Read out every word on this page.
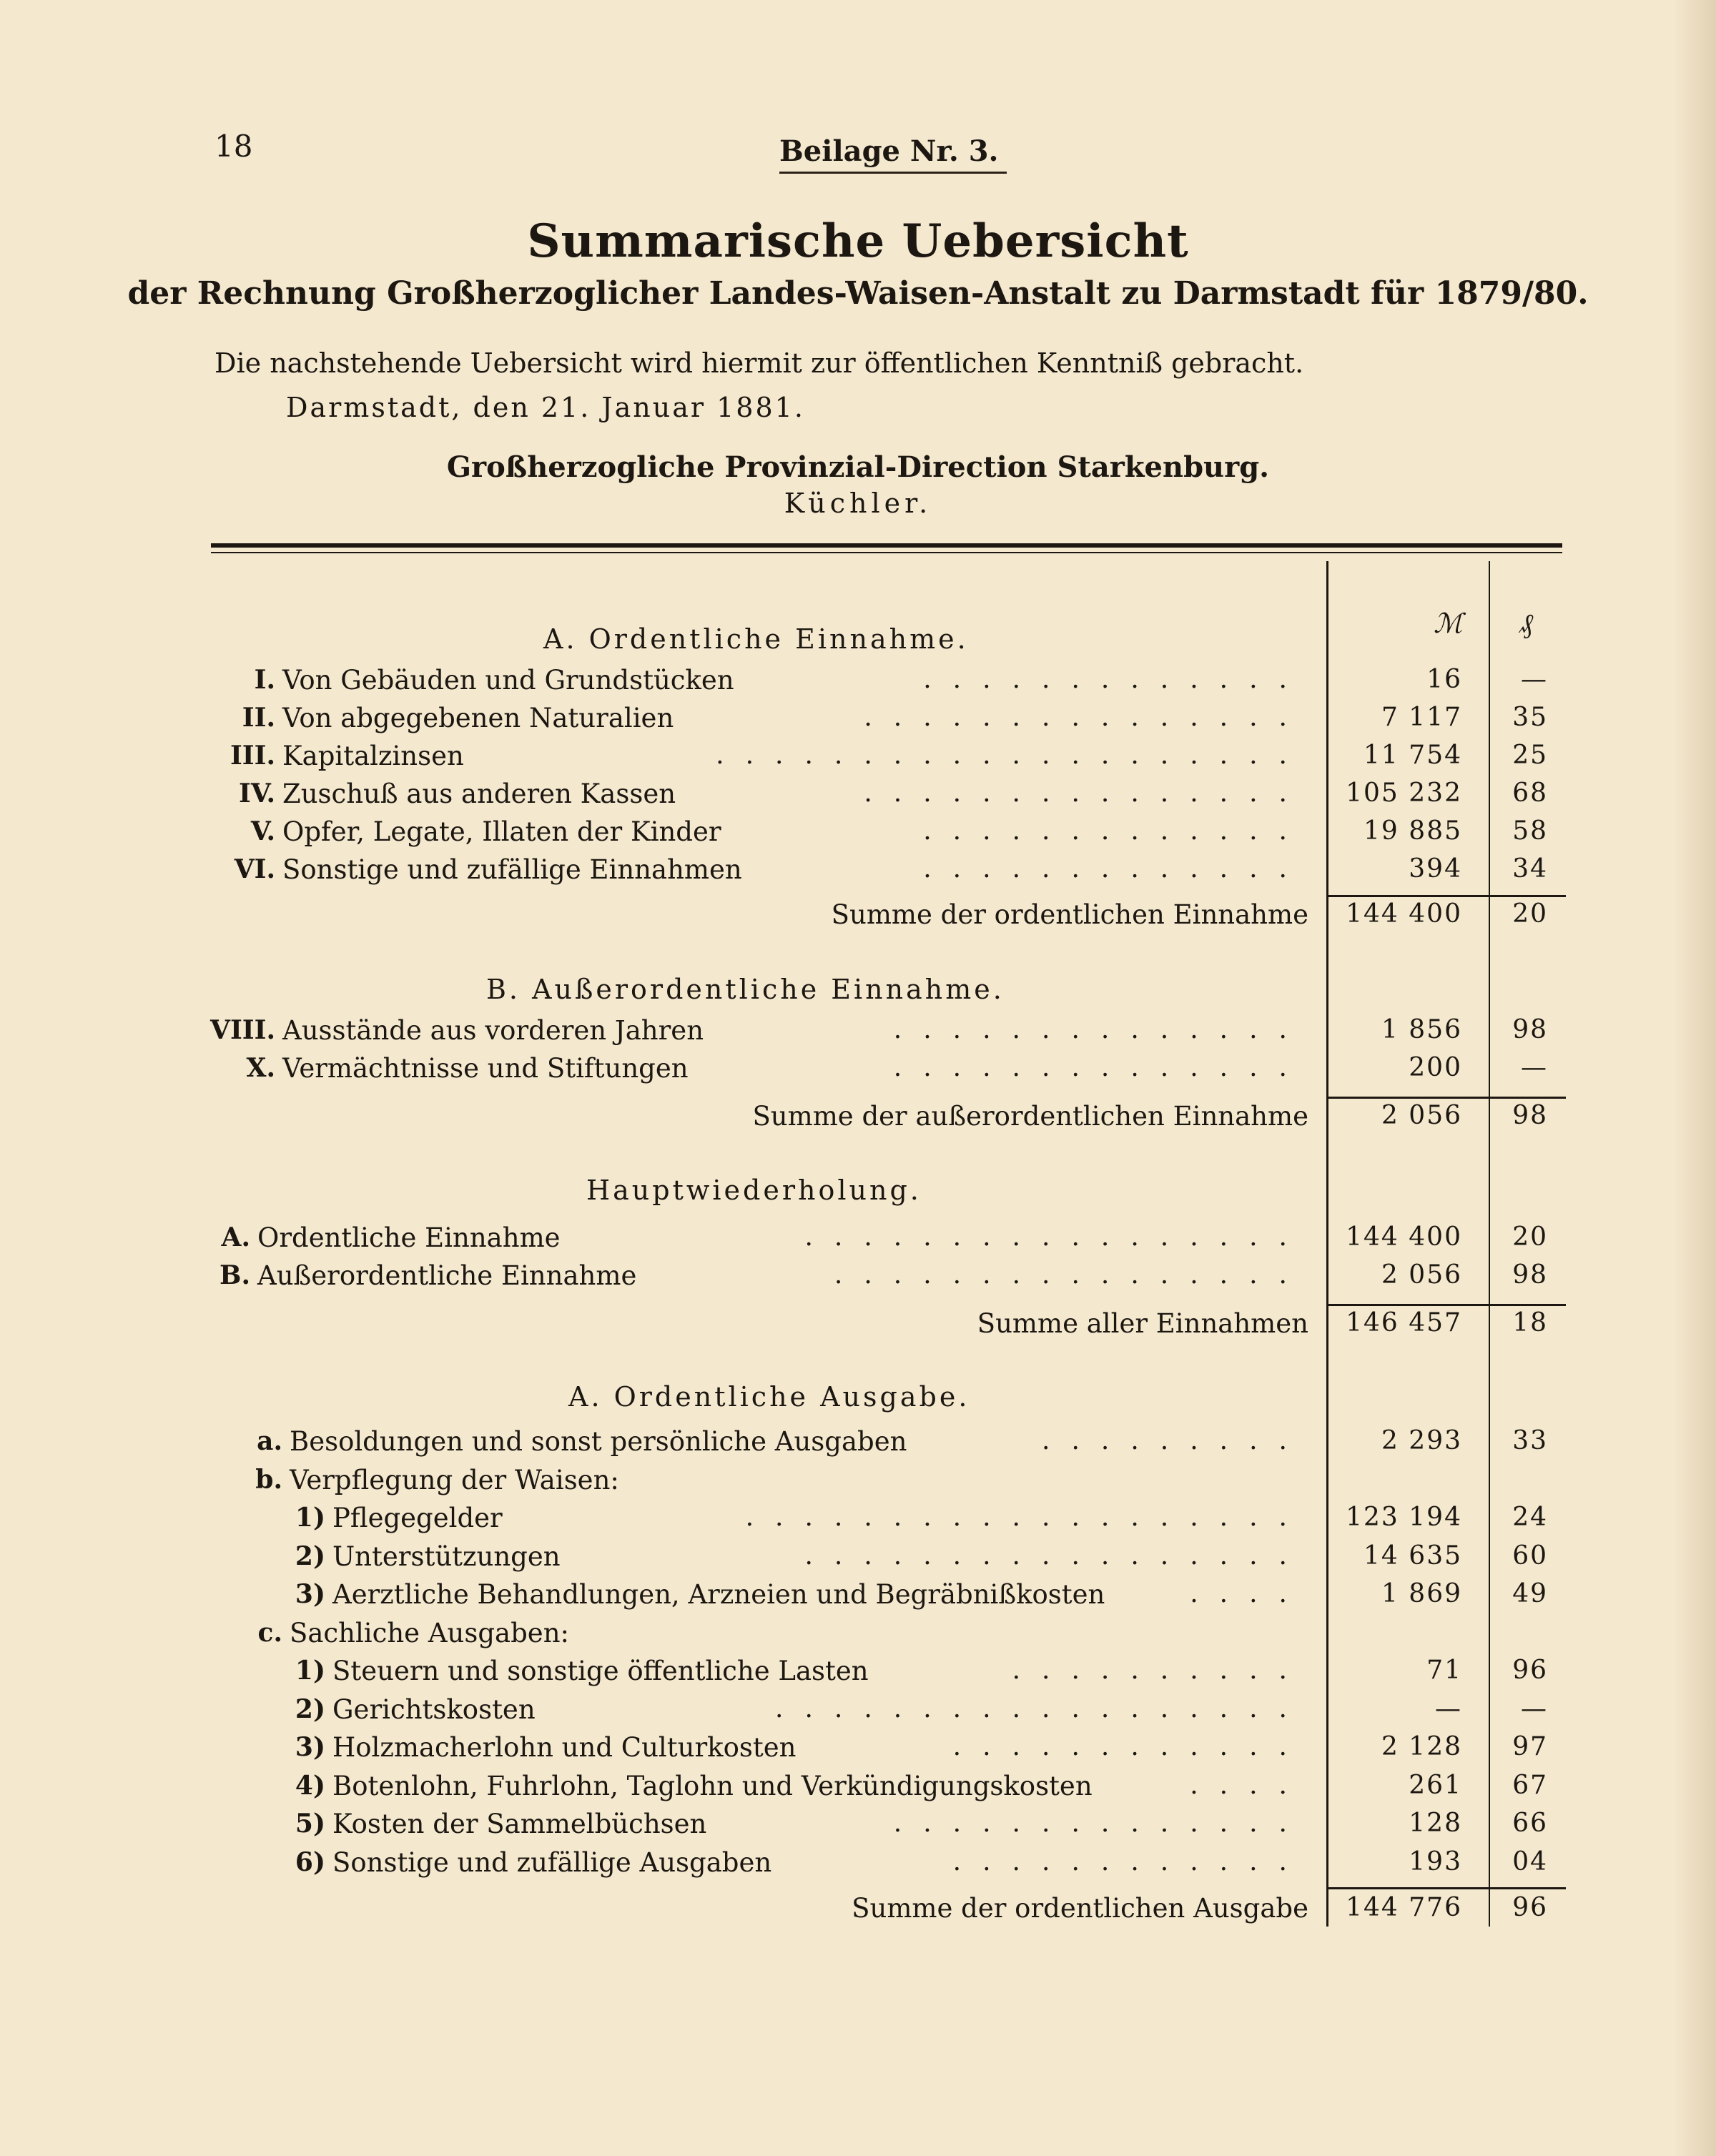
18	Beilage Nr. 3.
Summarische Uebersicht
der Rechnung Großherzoglicher Landes-Waisen-Anstalt zu Darmstadt für 1879/80.
Die nachstehende Uebersicht wird hiermit zur öffentlichen Kenntniß gebracht.
Darmstadt, den 21. Januar 1881.
Großherzogliche Provinzial-Direction Starkenburg.
Küchler.
ℳ ₰
A. Ordentliche Einnahme.
I. Von Gebäuden und Grundstücken	.............	16	—
II. Von abgegebenen Naturalien	...............	7 117	35
III. Kapitalzinsen	....................	11 754	25
IV. Zuschuß aus anderen Kassen	...............	105 232	68
V. Opfer, Legate, Illaten der Kinder	.............	19 885	58
VI. Sonstige und zufällige Einnahmen	.............	394	34
Summe der ordentlichen Einnahme	144 400	20
B. Außerordentliche Einnahme.
VIII. Ausstände aus vorderen Jahren	..............	1 856	98
X. Vermächtnisse und Stiftungen	..............	200	—
Summe der außerordentlichen Einnahme	2 056	98
Hauptwiederholung.
A. Ordentliche Einnahme	.................	144 400	20
B. Außerordentliche Einnahme	................	2 056	98
Summe aller Einnahmen	146 457	18
A. Ordentliche Ausgabe.
a. Besoldungen und sonst persönliche Ausgaben	.........	2 293	33
b. Verpflegung der Waisen:
1) Pflegegelder	...................	123 194	24
2) Unterstützungen	.................	14 635	60
3) Aerztliche Behandlungen, Arzneien und Begräbnißkosten	....	1 869	49
c. Sachliche Ausgaben:
1) Steuern und sonstige öffentliche Lasten	..........	71	96
2) Gerichtskosten	..................	—	—
3) Holzmacherlohn und Culturkosten	............	2 128	97
4) Botenlohn, Fuhrlohn, Taglohn und Verkündigungskosten	....	261	67
5) Kosten der Sammelbüchsen	..............	128	66
6) Sonstige und zufällige Ausgaben	............	193	04
Summe der ordentlichen Ausgabe	144 776	96
